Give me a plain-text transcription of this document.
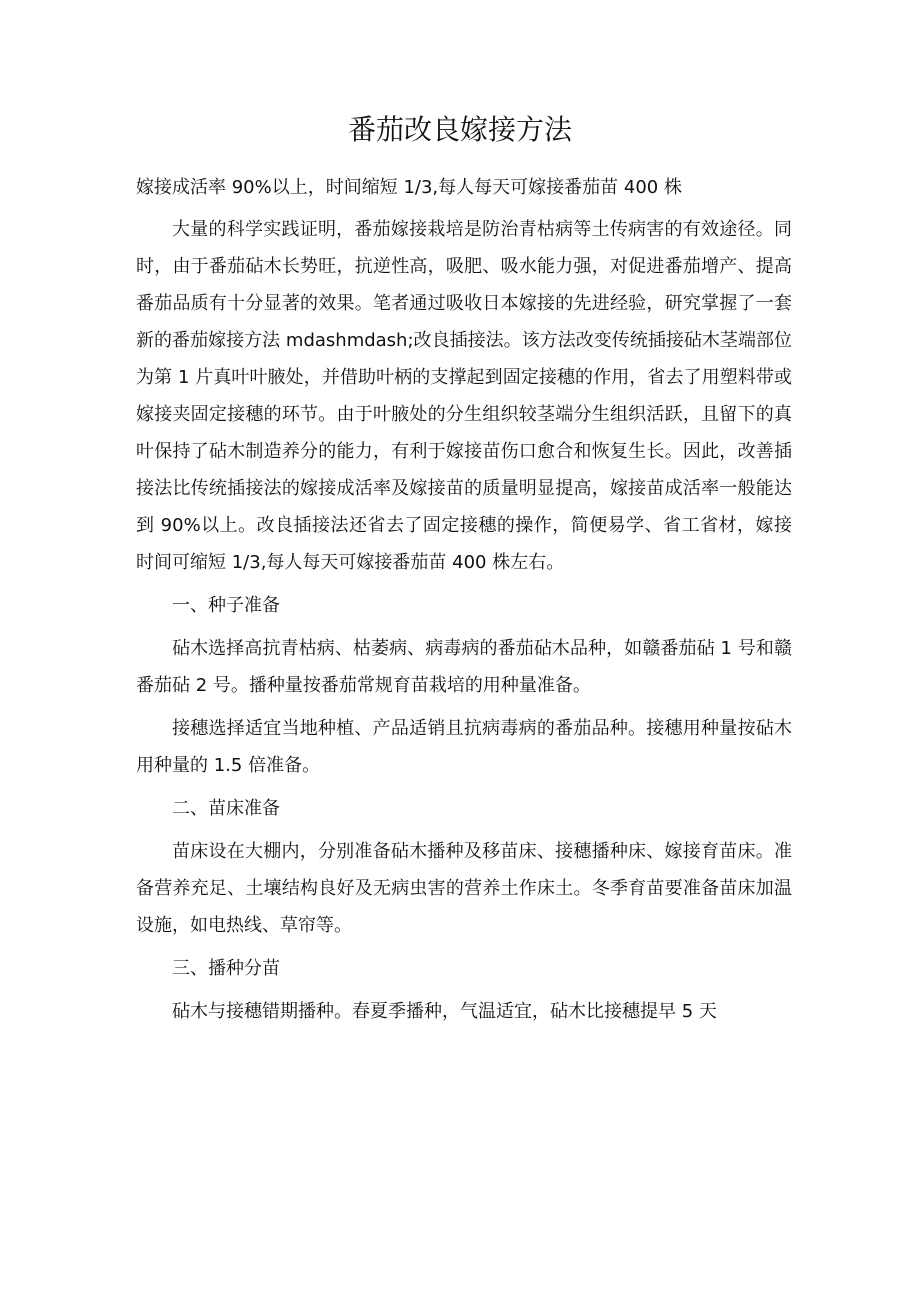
番茄改良嫁接方法

嫁接成活率 90%以上，时间缩短 1/3,每人每天可嫁接番茄苗 400 株

大量的科学实践证明，番茄嫁接栽培是防治青枯病等土传病害的有效途径。同时，由于番茄砧木长势旺，抗逆性高，吸肥、吸水能力强，对促进番茄增产、提高番茄品质有十分显著的效果。笔者通过吸收日本嫁接的先进经验，研究掌握了一套新的番茄嫁接方法 mdashmdash;改良插接法。该方法改变传统插接砧木茎端部位为第 1 片真叶叶腋处，并借助叶柄的支撑起到固定接穗的作用，省去了用塑料带或嫁接夹固定接穗的环节。由于叶腋处的分生组织较茎端分生组织活跃，且留下的真叶保持了砧木制造养分的能力，有利于嫁接苗伤口愈合和恢复生长。因此，改善插接法比传统插接法的嫁接成活率及嫁接苗的质量明显提高，嫁接苗成活率一般能达到 90%以上。改良插接法还省去了固定接穗的操作，简便易学、省工省材，嫁接时间可缩短 1/3,每人每天可嫁接番茄苗 400 株左右。

一、种子准备

砧木选择高抗青枯病、枯萎病、病毒病的番茄砧木品种，如赣番茄砧 1 号和赣番茄砧 2 号。播种量按番茄常规育苗栽培的用种量准备。

接穗选择适宜当地种植、产品适销且抗病毒病的番茄品种。接穗用种量按砧木用种量的 1.5 倍准备。

二、苗床准备

苗床设在大棚内，分别准备砧木播种及移苗床、接穗播种床、嫁接育苗床。准备营养充足、土壤结构良好及无病虫害的营养土作床土。冬季育苗要准备苗床加温设施，如电热线、草帘等。

三、播种分苗

砧木与接穗错期播种。春夏季播种，气温适宜，砧木比接穗提早 5 天
